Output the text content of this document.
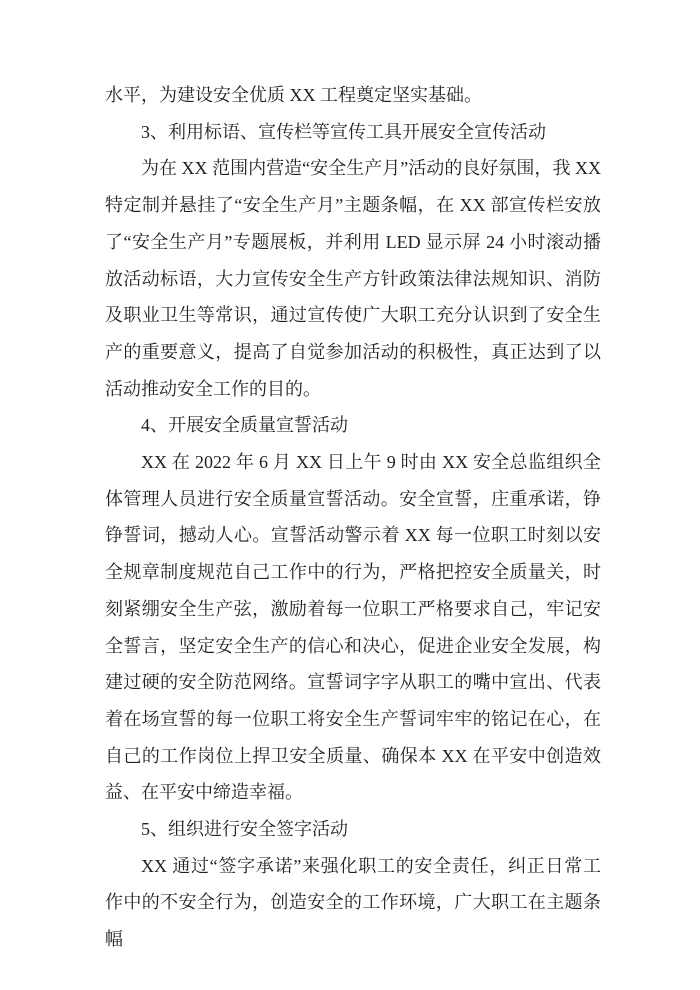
水平，为建设安全优质 XX 工程奠定坚实基础。

3、利用标语、宣传栏等宣传工具开展安全宣传活动

为在 XX 范围内营造“安全生产月”活动的良好氛围，我 XX 特定制并悬挂了“安全生产月”主题条幅，在 XX 部宣传栏安放了“安全生产月”专题展板，并利用 LED 显示屏 24 小时滚动播放活动标语，大力宣传安全生产方针政策法律法规知识、消防及职业卫生等常识，通过宣传使广大职工充分认识到了安全生产的重要意义，提高了自觉参加活动的积极性，真正达到了以活动推动安全工作的目的。

4、开展安全质量宣誓活动

XX 在 2022 年 6 月 XX 日上午 9 时由 XX 安全总监组织全体管理人员进行安全质量宣誓活动。安全宣誓，庄重承诺，铮铮誓词，撼动人心。宣誓活动警示着 XX 每一位职工时刻以安全规章制度规范自己工作中的行为，严格把控安全质量关，时刻紧绷安全生产弦，激励着每一位职工严格要求自己，牢记安全誓言，坚定安全生产的信心和决心，促进企业安全发展，构建过硬的安全防范网络。宣誓词字字从职工的嘴中宣出、代表着在场宣誓的每一位职工将安全生产誓词牢牢的铭记在心，在自己的工作岗位上捍卫安全质量、确保本 XX 在平安中创造效益、在平安中缔造幸福。

5、组织进行安全签字活动

XX 通过“签字承诺”来强化职工的安全责任，纠正日常工作中的不安全行为，创造安全的工作环境，广大职工在主题条幅
